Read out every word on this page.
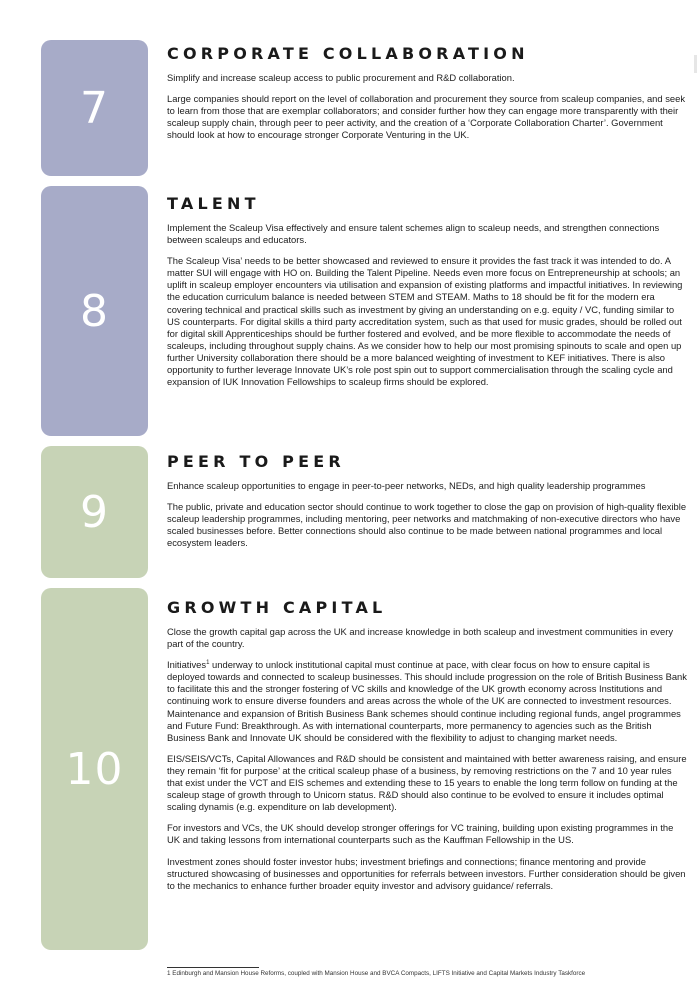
7
CORPORATE COLLABORATION

Simplify and increase scaleup access to public procurement and R&D collaboration.

Large companies should report on the level of collaboration and procurement they source from scaleup companies, and seek to learn from those that are exemplar collaborators; and consider further how they can engage more transparently with their scaleup supply chain, through peer to peer activity, and the creation of a ‘Corporate Collaboration Charter’. Government should look at how to encourage stronger Corporate Venturing in the UK.

8
TALENT

Implement the Scaleup Visa effectively and ensure talent schemes align to scaleup needs, and strengthen connections between scaleups and educators.

The Scaleup Visa’ needs to be better showcased and reviewed to ensure it provides the fast track it was intended to do. A matter SUI will engage with HO on. Building the Talent Pipeline. Needs even more focus on Entrepreneurship at schools; an uplift in scaleup employer encounters via utilisation and expansion of existing platforms and impactful initiatives. In reviewing the education curriculum balance is needed between STEM and STEAM. Maths to 18 should be fit for the modern era covering technical and practical skills such as investment by giving an understanding on e.g. equity / VC, funding similar to US counterparts. For digital skills a third party accreditation system, such as that used for music grades, should be rolled out for digital skill Apprenticeships should be further fostered and evolved, and be more flexible to accommodate the needs of scaleups, including throughout supply chains. As we consider how to help our most promising spinouts to scale and open up further University collaboration there should be a more balanced weighting of investment to KEF initiatives. There is also opportunity to further leverage Innovate UK’s role post spin out to support commercialisation through the scaling cycle and expansion of IUK Innovation Fellowships to scaleup firms should be explored.

9
PEER TO PEER

Enhance scaleup opportunities to engage in peer-to-peer networks, NEDs, and high quality leadership programmes

The public, private and education sector should continue to work together to close the gap on provision of high-quality flexible scaleup leadership programmes, including mentoring, peer networks and matchmaking of non-executive directors who have scaled businesses before. Better connections should also continue to be made between national programmes and local ecosystem leaders.

10
GROWTH CAPITAL

Close the growth capital gap across the UK and increase knowledge in both scaleup and investment communities in every part of the country.

Initiatives$^1$ underway to unlock institutional capital must continue at pace, with clear focus on how to ensure capital is deployed towards and connected to scaleup businesses. This should include progression on the role of British Business Bank to facilitate this and the stronger fostering of VC skills and knowledge of the UK growth economy across Institutions and continuing work to ensure diverse founders and areas across the whole of the UK are connected to investment resources. Maintenance and expansion of British Business Bank schemes should continue including regional funds, angel programmes and Future Fund: Breakthrough. As with international counterparts, more permanency to agencies such as the British Business Bank and Innovate UK should be considered with the flexibility to adjust to changing market needs.

EIS/SEIS/VCTs, Capital Allowances and R&D should be consistent and maintained with better awareness raising, and ensure they remain ‘fit for purpose’ at the critical scaleup phase of a business, by removing restrictions on the 7 and 10 year rules that exist under the VCT and EIS schemes and extending these to 15 years to enable the long term follow on funding at the scaleup stage of growth through to Unicorn status. R&D should also continue to be evolved to ensure it includes optimal scaling dynamis (e.g. expenditure on lab development).

For investors and VCs, the UK should develop stronger offerings for VC training, building upon existing programmes in the UK and taking lessons from international counterparts such as the Kauffman Fellowship in the US.

Investment zones should foster investor hubs; investment briefings and connections; finance mentoring and provide structured showcasing of businesses and opportunities for referrals between investors. Further consideration should be given to the mechanics to enhance further broader equity investor and advisory guidance/ referrals.

1 Edinburgh and Mansion House Reforms, coupled with Mansion House and BVCA Compacts, LIFTS Initiative and Capital Markets Industry Taskforce
